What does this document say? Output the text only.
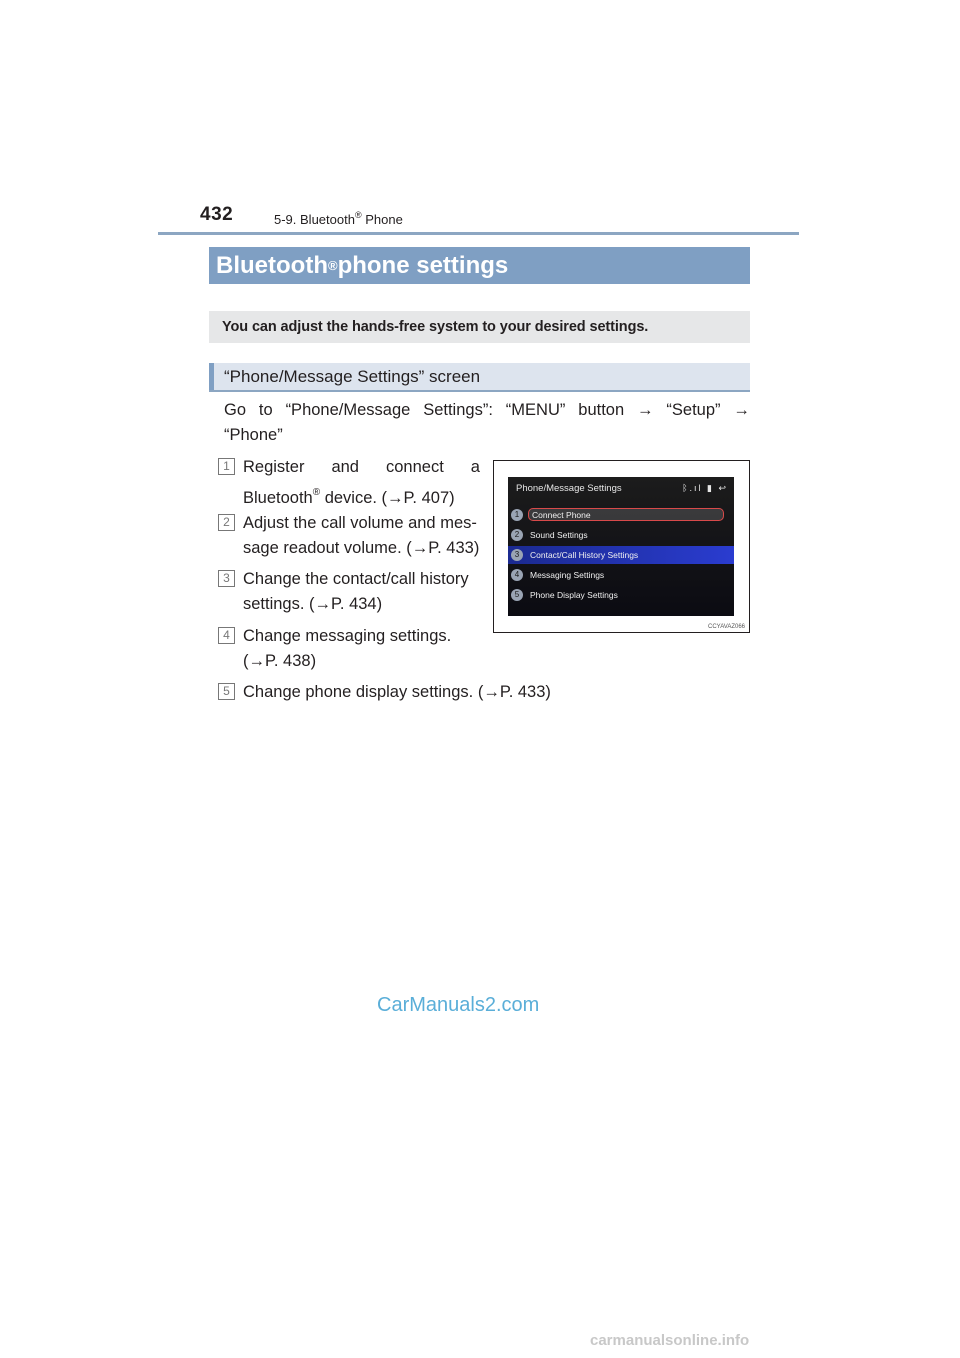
432	5-9. Bluetooth® Phone
Bluetooth ® phone settings
You can adjust the hands-free system to your desired settings.
“Phone/Message Settings” screen
Go to “Phone/Message Settings”: “MENU” button → “Setup” →
“Phone”
1 Register and connect a
Bluetooth® device. (→P. 407)
2 Adjust the call volume and mes-
sage readout volume. (→P. 433)
3 Change the contact/call history
settings. (→P. 434)
4 Change messaging settings.
(→P. 438)
5 Change phone display settings. (→P. 433)
Phone/Message Settings	ᛒ.ıl ▮ ↩
1	Connect Phone
2	Sound Settings
3	Contact/Call History Settings
4	Messaging Settings
5	Phone Display Settings
CCYAVAZ066
CarManuals2.com
carmanualsonline.info
